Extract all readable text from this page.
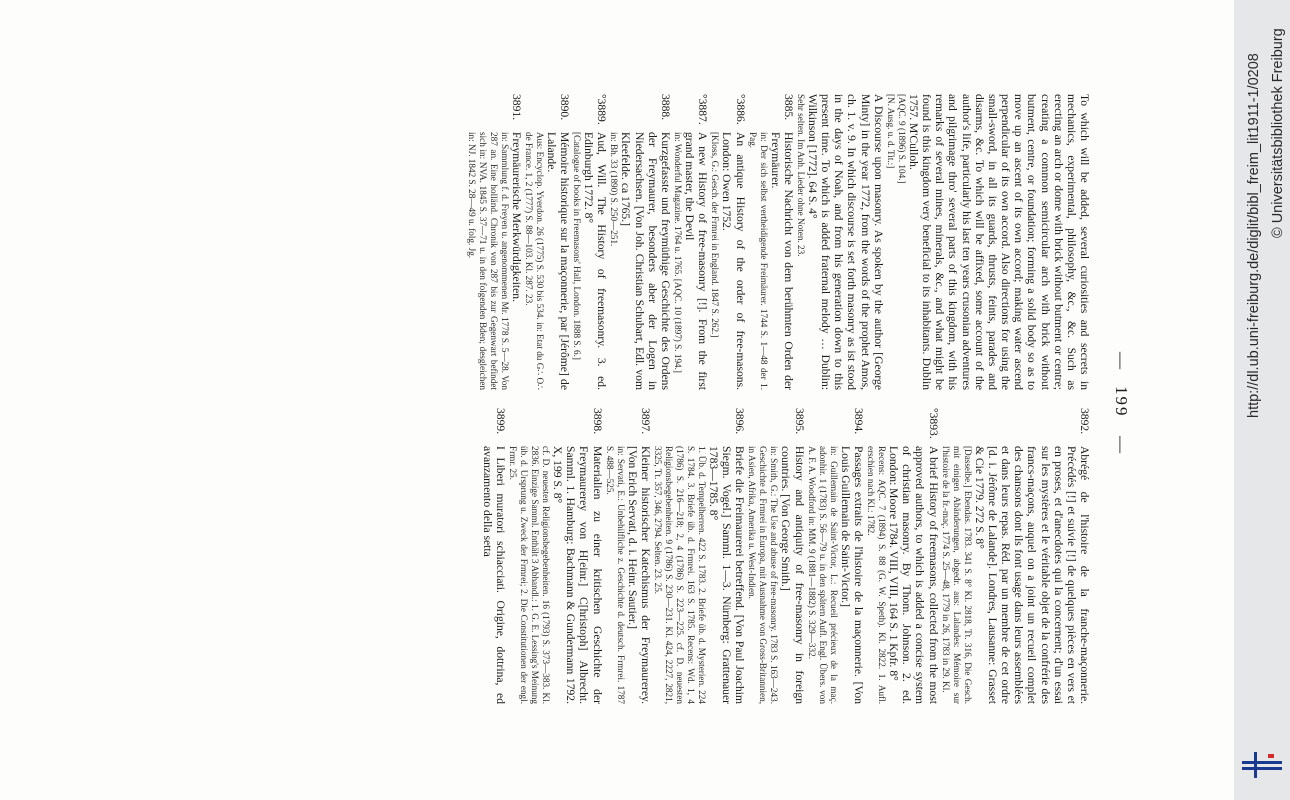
—
199
—

To which will be added, several curiosities and secrets in mechanics, experimental, philosophy, &c., &c. Such as erecting an arch or dome with brick without butment or centre; creating a common semicircular arch with brick without butment, centre, or foundation; forming a solid body so as to move up an ascent of its own accord; making water ascend perpendicular of its own accord. Also directions for using the small-sword, in all its guards, thrusts, feints, parades and disarms, &c. To which will be affixed, some account of the author's life, particularly his last ten years crusonian adventures and pilgrimage thro' several parts of this kingdom, with his remarks of several mines, minerals, &c., and what might be found is this kingdom very beneficial to its inhabitants. Dublin 1757. M'Culloh.

[AQC. 9 (1896) S. 104.]
[N. Ausg. u. d. Tit.:]

A Discourse upon masonry. As spoken by the author [George Minty] in the year 1772, from the words of the prophet Amos, ch. 1. v. 9. In which discourse is set forth masonry as ist stood in the days of Noah, and from his generation down to this present time. To which is added fraternal melody … Dublin: Wilkinson [1772]. 64 S. 4°

Sehr selten. Im Anh. Lieder ohne Noten. 23.
3885.
Historische Nachricht von dem berühmten Orden der Freymäurer.
in: Der sich selbst vertheidigende Freimäurer. 1744 S. 1—48 der 1. Pag.
°3886.
An antique History of the order of free-masons. London: Owen 1752.
[Kloss, G.: Gesch. der Frmrei in England. 1847 S. 262.]
°3887.
A new History of free-masonry [!]. From the first grand master, the Devil
in: Wonderful Magazine. 1764 u. 1765. [AQC. 10 (1897) S. 194.]
3888.
Kurzgefasste und freymüthige Geschichte des Ordens der Freymaurer, besonders aber der Logen in Niedersachsen. [Von Joh. Christian Schubart, Edl. vom Kleefelde. ca 1765.]
in: Bh. 33 (1890) S. 250—251.
°3889.
Aud, Will. The History of freemasonry. 3. ed. Edinburgh 1772. 8°
[Catalogue of books in Freemasons' Hall, London. 1888 S. 6.]
3890.
Mémoire historique sur la maçonnerie, par [Jérôme] de Lalande.
Aus: Encyclop. Yverdon. 26 (1775) S. 530 bis 534. in: Etat du G∴ O∴ de France. 1, 2 (1777) S. 88—103. Kl. 287. 23.
3891.
Freymäurerische Merkwürdigkeiten.
in: Sammlung f. d. Freyen u. angenommenen Mr. 1778 S. 5—28. Von 287 an. Eine holländ. Chronik von 287 bis zur Gegenwart befindet sich in: NVA. 1845 S. 37—71 u. in den folgenden Bden; desgleichen in: NJ. 1842 S. 28—49 u. folg. Jg.
3892.
Abrégé de l'histoire de la franche-maçonnerie. Précédés [!] et suivie [!] de quelques pièces en vers et en proses, et d'anecdotes qui la concernent; d'un essai sur les mystères et le véritable objet de la confrérie des francs-maçons, auquel on a joint un recueil complet des chansons dont ils font usage dans leurs assemblées et dans leurs repas. Réd. par un membre de cet ordre [d. i. Jérôme de Lalande]. Londres, Lausanne: Grasset & Cie 1779. 272 S. 8°
[Dasselbe.] Ebendas. 1783. 341 S. 8° Kl. 2818, Tt. 316, Die Gesch. mit einigen Abänderungen, abgedr. aus: Lalandes: Mémoire sur l'histoire de la fr.-maç. 1774 S. 25—48, 1779 in 26, 1783 in 29. Kl.
°3893.
A brief History of freemasons, collected from the most approved authors, to which is added a concise system of christian masonry. By Thom. Johnson. 2. ed. London: Moore 1784. VIII, VIII, 164 S. 1 Kpfr. 8°
Recens: AQC. 7 (1894) S. 88 (G. W. Speth). Kl. 2822. 1. Aufl. erschien nach Kl.: 1782.
3894.
Passages extraits de l'histoire de la maçonnerie. [Von Louis Guillemain de Saint-Victor.]
in: Guillemain de Saint-Victor, L.: Recueil précieux de la maç. adonhir. 1 (1783) S. 56—79 u. in den spätern Aufl. Engl. Übers. von A. F. A. Woodford in: MM. 9 (1881—1882) S. 329—332.
3895.
History and antiquity of free-masonry in foreign countries. [Von George Smith.]
in: Smith, G.: The Use and abuse of free-masonry. 1783 S. 163—243. Geschichte d. Frmrei in Europa, mit Ausnahme von Gross-Britannien, in Asien, Afrika, Amerika u. West-Indien.
3896.
Briefe die Freimaurerei betreffend. [Von Paul Joachim Siegm. Vogel.] Samml. 1—3. Nürnberg: Grattenauer 1783—1785. 8°
1. Üb. d. Tempelherren. 422 S. 1783. 2. Briefe üb. d. Mysterien. 224 S. 1784. 3. Briefe üb. d. Frmrei. 163 S. 1785. Recens: Wd. 1, 4 (1786) S. 216—218; 2, 4 (1786) S. 223—225. cf. D. neuesten Religionsbegebenheiten. 9 (1786) S. 230—231. Kl. 424, 2227, 2821, 3325, Tt. 357, 346, 2794. Selten. 23. 25.
3897.
Kleiner historischer Katechismus der Freymaurerey. [Von Erich Servati, d. i. Heinr. Sautier.]
in: Servati, E.: Unbehilfliche z. Geschichte d. deutsch. Frmrei. 1787 S. 488—525.
3898.
Materialien zu einer kritischen Geschichte der Freymaurerey von H[einr.] C[hristoph] Albrecht. Samml. 1. Hamburg: Bachmann & Gundermann 1792. X, 199 S. 8°
cf. D. neuesten Religionsbegebenheiten. 16 (1793) S. 373—383. Kl. 2836. Einzige Samml. Enthält 3 Abhandl.: 1. G. E. Lessing's Meinung üb. d. Ursprung u. Zweck der Frmrei; 2. Die Constitutionen der engl. Frmr. 25.
3899.
I Liberi muratori schiacciati. Origine, dottrina, ed avanzamento della setta
http://dl.ub.uni-freiburg.de/diglit/bibl_freim_lit1911-1/0208 © Universitätsbibliothek Freiburg
